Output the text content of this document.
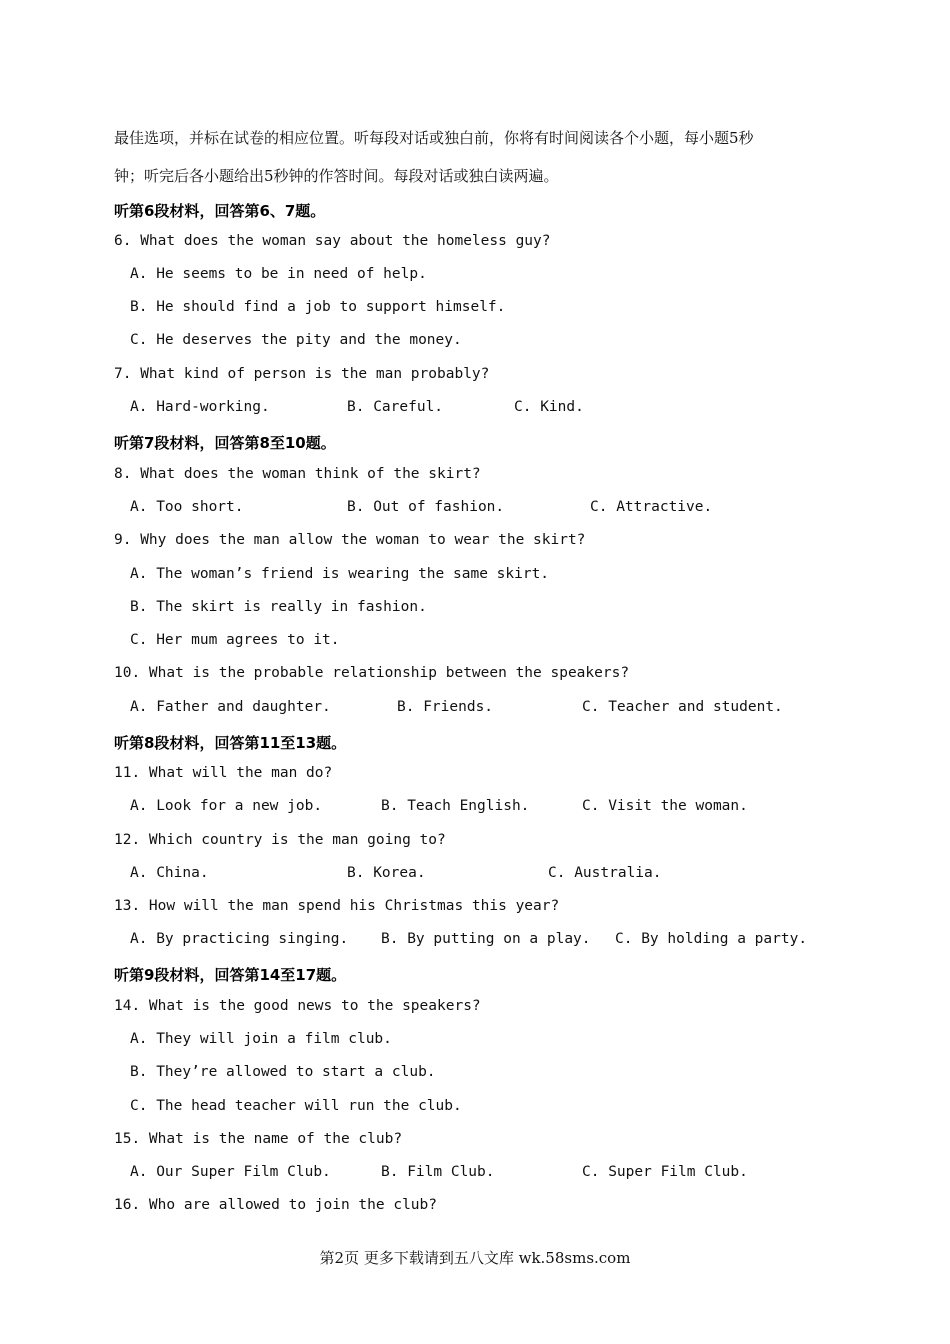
最佳选项，并标在试卷的相应位置。听每段对话或独白前，你将有时间阅读各个小题，每小题5秒
钟；听完后各小题给出5秒钟的作答时间。每段对话或独白读两遍。
听第6段材料，回答第6、7题。
6. What does the woman say about the homeless guy?
A. He seems to be in need of help.
B. He should find a job to support himself.
C. He deserves the pity and the money.
7. What kind of person is the man probably?
A. Hard-working.	B. Careful.	C. Kind.
听第7段材料，回答第8至10题。
8. What does the woman think of the skirt?
A. Too short.	B. Out of fashion.	C. Attractive.
9. Why does the man allow the woman to wear the skirt?
A. The woman’s friend is wearing the same skirt.
B. The skirt is really in fashion.
C. Her mum agrees to it.
10. What is the probable relationship between the speakers?
A. Father and daughter.	B. Friends.	C. Teacher and student.
听第8段材料，回答第11至13题。
11. What will the man do?
A. Look for a new job.	B. Teach English.	C. Visit the woman.
12. Which country is the man going to?
A. China.	B. Korea.	C. Australia.
13. How will the man spend his Christmas this year?
A. By practicing singing. B. By putting on a play. C. By holding a party.
听第9段材料，回答第14至17题。
14. What is the good news to the speakers?
A. They will join a film club.
B. They’re allowed to start a club.
C. The head teacher will run the club.
15. What is the name of the club?
A. Our Super Film Club.	B. Film Club.	C. Super Film Club.
16. Who are allowed to join the club?
第2页 更多下载请到五八文库 wk.58sms.com
